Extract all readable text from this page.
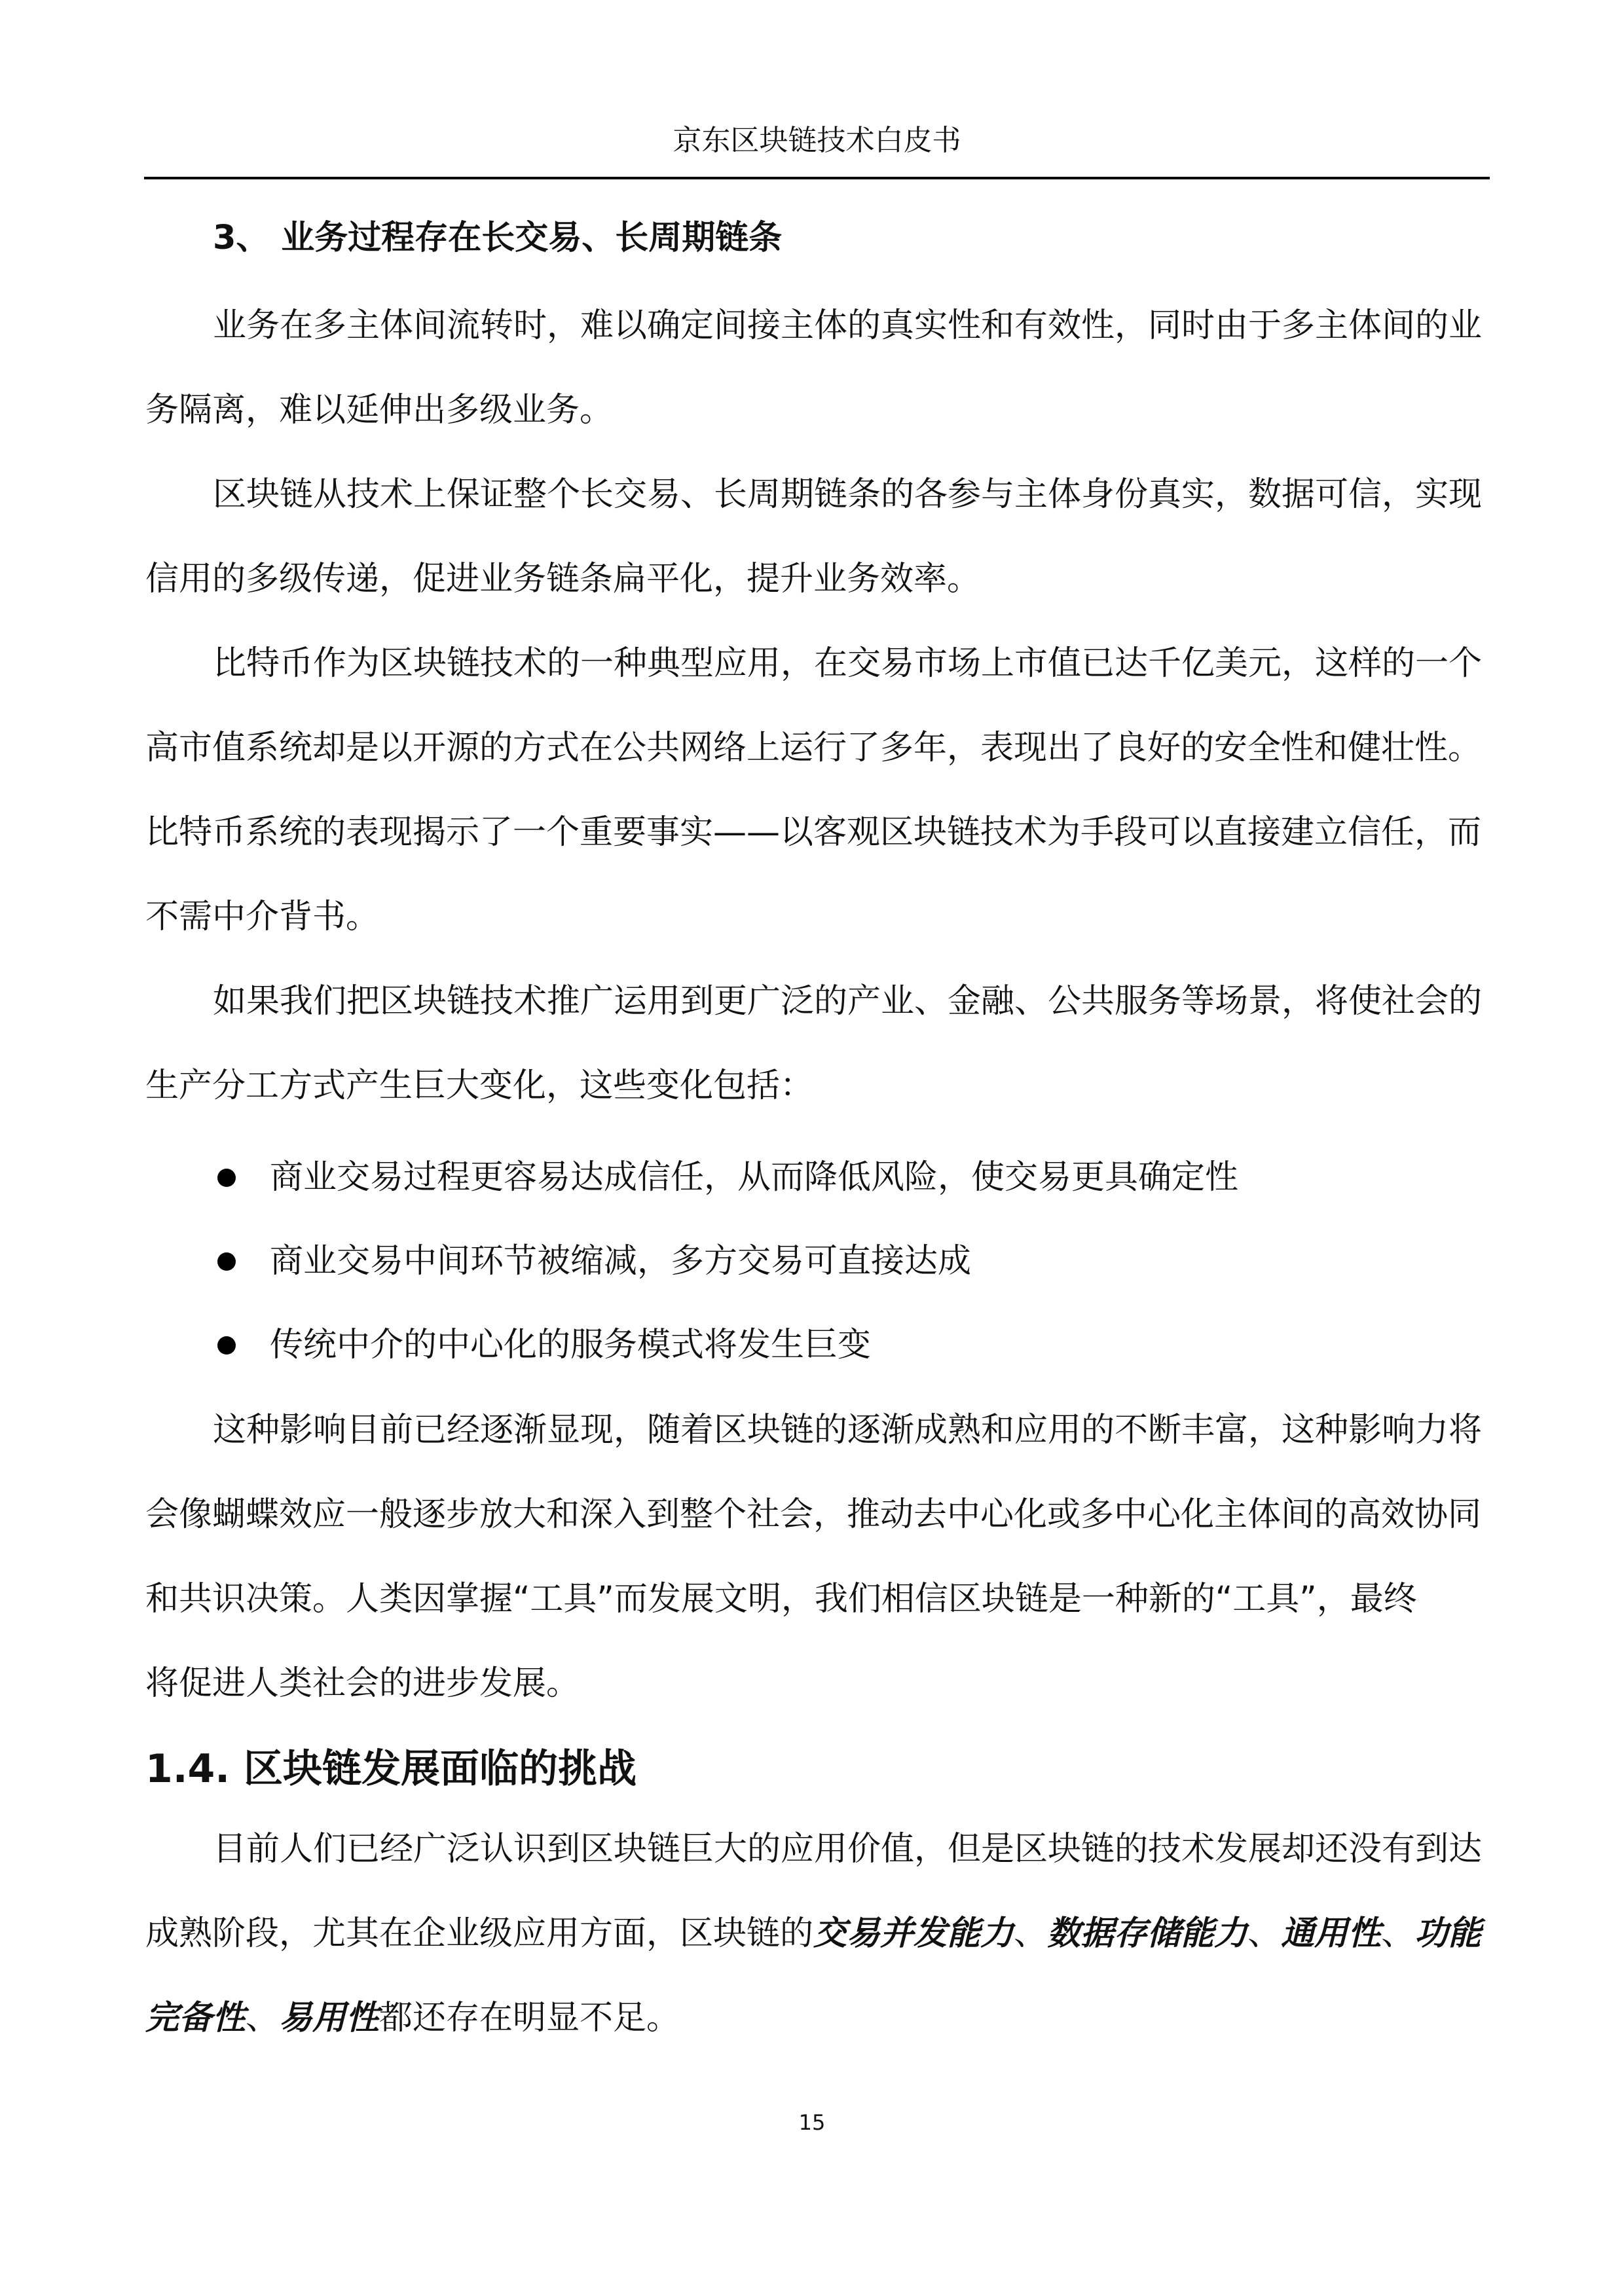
京东区块链技术白皮书
3、 业务过程存在长交易、长周期链条
业务在多主体间流转时，难以确定间接主体的真实性和有效性，同时由于多主体间的业
务隔离，难以延伸出多级业务。
区块链从技术上保证整个长交易、长周期链条的各参与主体身份真实，数据可信，实现
信用的多级传递，促进业务链条扁平化，提升业务效率。
比特币作为区块链技术的一种典型应用，在交易市场上市值已达千亿美元，这样的一个
高市值系统却是以开源的方式在公共网络上运行了多年，表现出了良好的安全性和健壮性。
比特币系统的表现揭示了一个重要事实——以客观区块链技术为手段可以直接建立信任，而
不需中介背书。
如果我们把区块链技术推广运用到更广泛的产业、金融、公共服务等场景，将使社会的
生产分工方式产生巨大变化，这些变化包括：
商业交易过程更容易达成信任，从而降低风险，使交易更具确定性
商业交易中间环节被缩减，多方交易可直接达成
传统中介的中心化的服务模式将发生巨变
这种影响目前已经逐渐显现，随着区块链的逐渐成熟和应用的不断丰富，这种影响力将
会像蝴蝶效应一般逐步放大和深入到整个社会，推动去中心化或多中心化主体间的高效协同
和共识决策。人类因掌握“工具”而发展文明，我们相信区块链是一种新的“工具”，最终
将促进人类社会的进步发展。
1.4. 区块链发展面临的挑战
目前人们已经广泛认识到区块链巨大的应用价值，但是区块链的技术发展却还没有到达
成熟阶段，尤其在企业级应用方面，区块链的交易并发能力、数据存储能力、通用性、功能
完备性、易用性都还存在明显不足。
15
